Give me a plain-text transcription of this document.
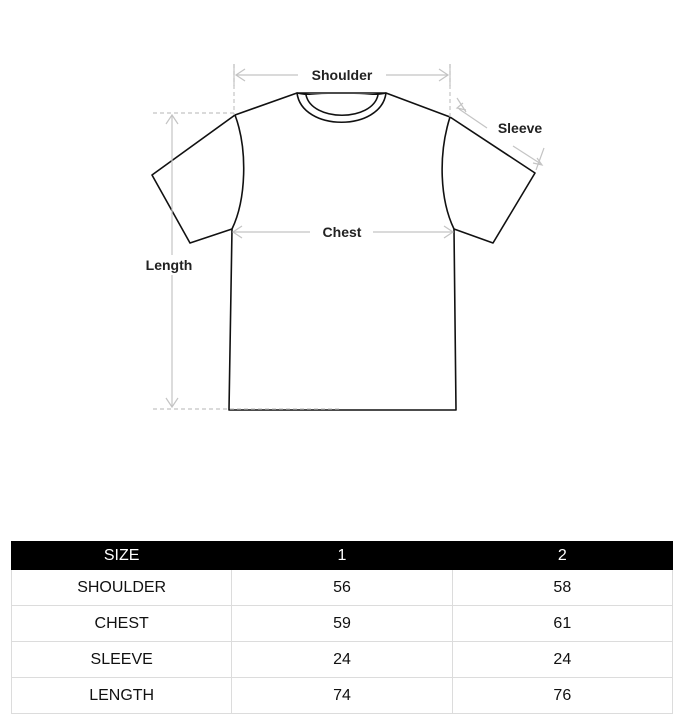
Shoulder
Sleeve
Chest
Length
SIZE	1	2
SHOULDER	56	58
CHEST	59	61
SLEEVE	24	24
LENGTH	74	76
